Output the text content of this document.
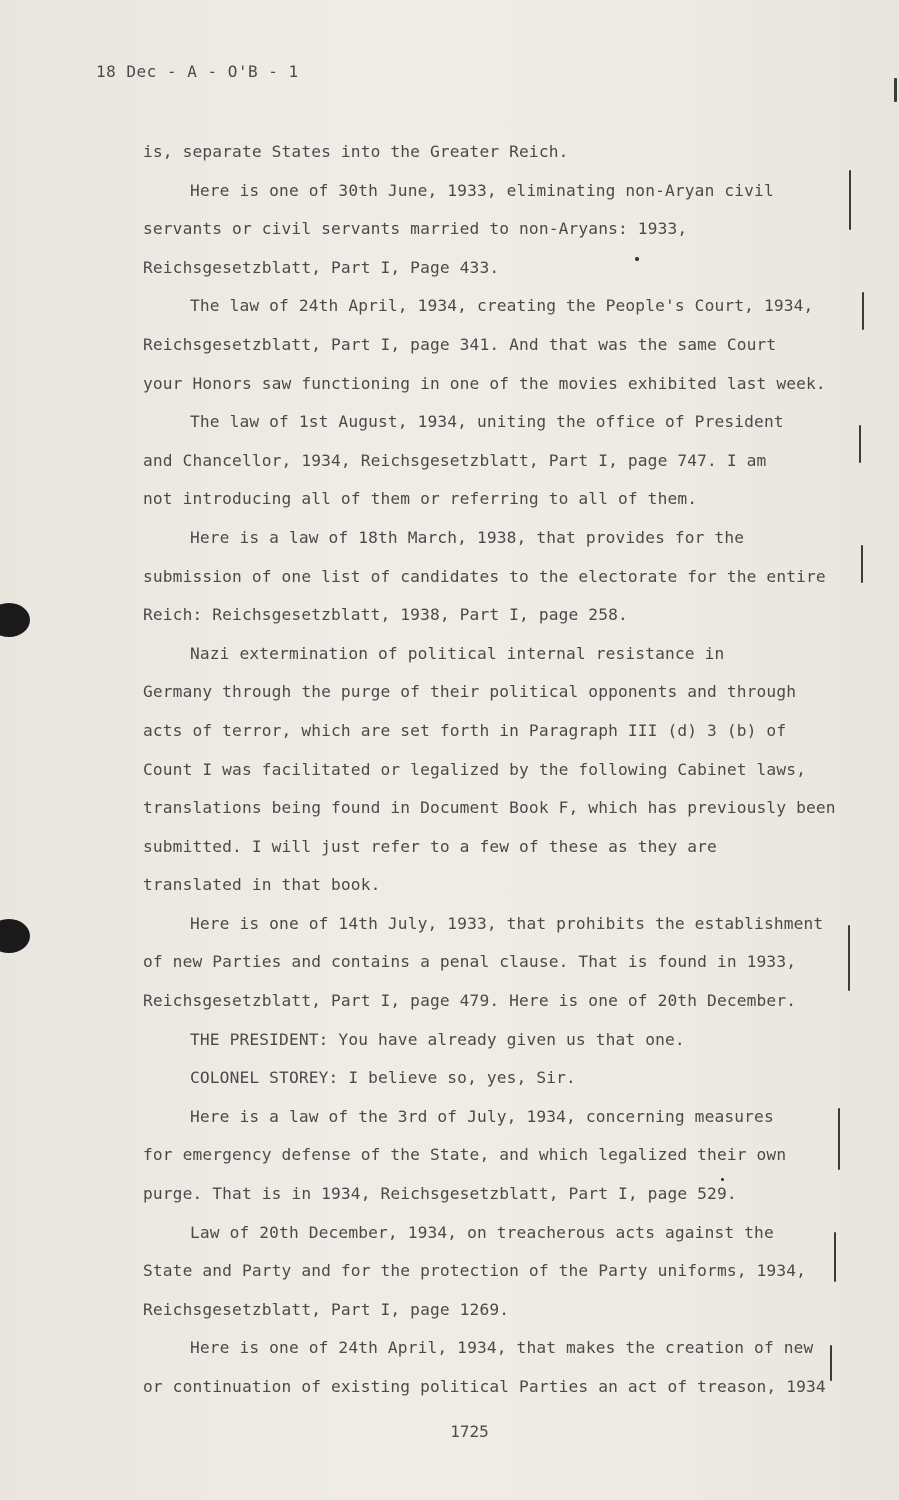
18 Dec - A - O'B - 1
is, separate States into the Greater Reich.
Here is one of 30th June, 1933, eliminating non-Aryan civil
servants or civil servants married to non-Aryans: 1933,
Reichsgesetzblatt, Part I, Page 433.
The law of 24th April, 1934, creating the People's Court, 1934,
Reichsgesetzblatt, Part I, page 341. And that was the same Court
your Honors saw functioning in one of the movies exhibited last week.
The law of 1st August, 1934, uniting the office of President
and Chancellor, 1934, Reichsgesetzblatt, Part I, page 747. I am
not introducing all of them or referring to all of them.
Here is a law of 18th March, 1938, that provides for the
submission of one list of candidates to the electorate for the entire
Reich: Reichsgesetzblatt, 1938, Part I, page 258.
Nazi extermination of political internal resistance in
Germany through the purge of their political opponents and through
acts of terror, which are set forth in Paragraph III (d) 3 (b) of
Count I was facilitated or legalized by the following Cabinet laws,
translations being found in Document Book F, which has previously been
submitted. I will just refer to a few of these as they are
translated in that book.
Here is one of 14th July, 1933, that prohibits the establishment
of new Parties and contains a penal clause. That is found in 1933,
Reichsgesetzblatt, Part I, page 479. Here is one of 20th December.
THE PRESIDENT: You have already given us that one.
COLONEL STOREY: I believe so, yes, Sir.
Here is a law of the 3rd of July, 1934, concerning measures
for emergency defense of the State, and which legalized their own
purge. That is in 1934, Reichsgesetzblatt, Part I, page 529.
Law of 20th December, 1934, on treacherous acts against the
State and Party and for the protection of the Party uniforms, 1934,
Reichsgesetzblatt, Part I, page 1269.
Here is one of 24th April, 1934, that makes the creation of new
or continuation of existing political Parties an act of treason, 1934
1725
